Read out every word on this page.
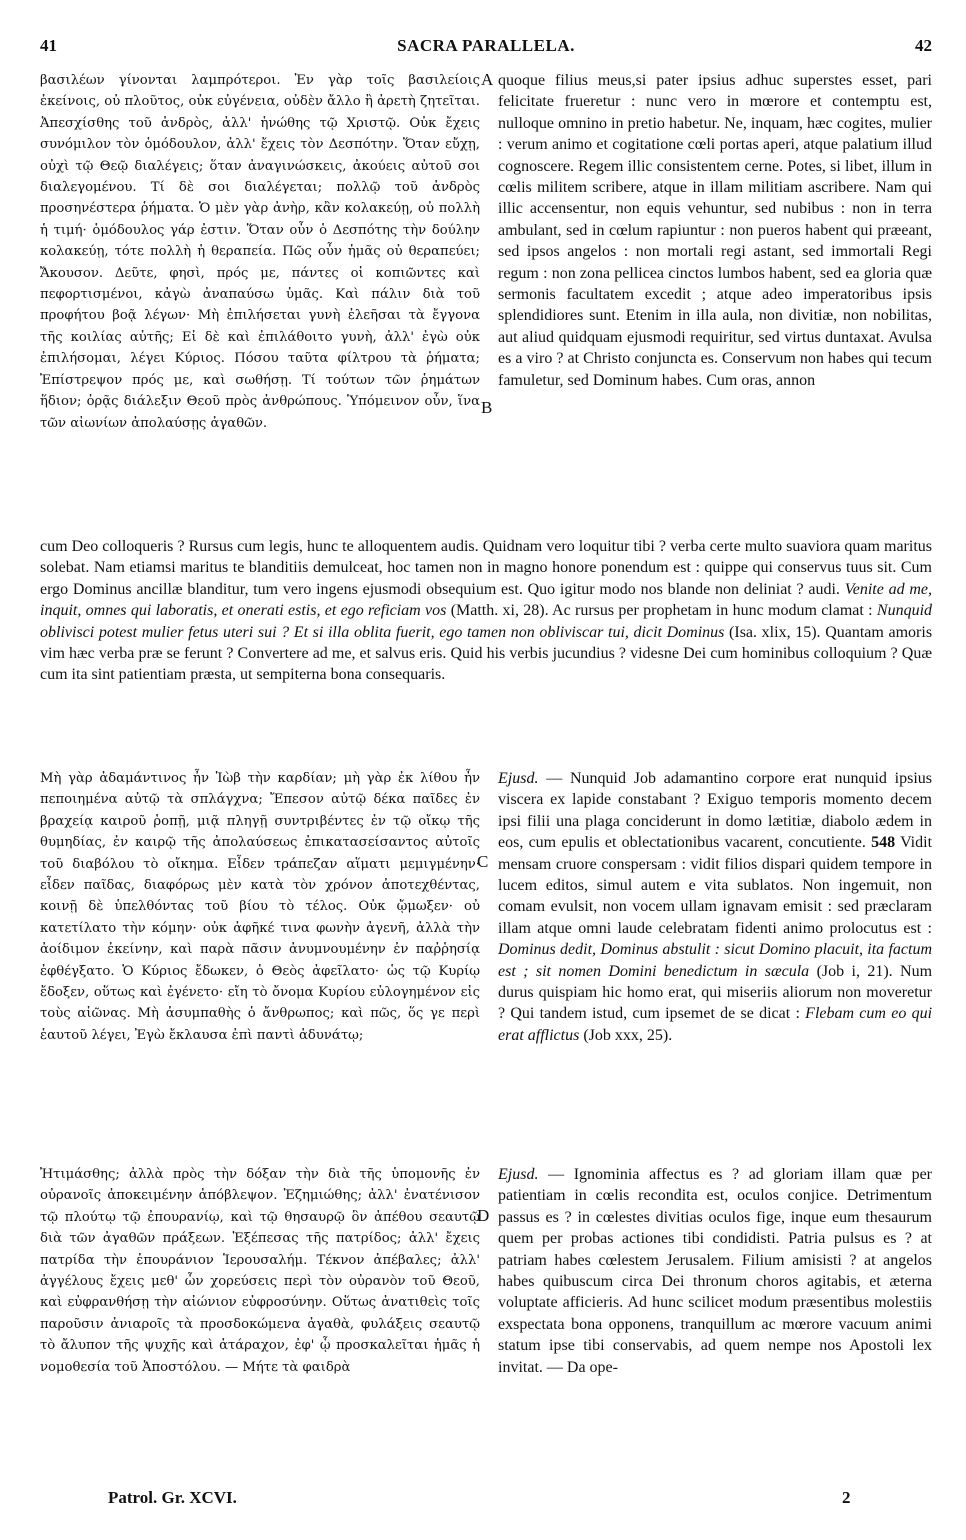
41	SACRA PARALLELA.	42
βασιλέων γίνονται λαμπρότεροι. Ἐν γὰρ τοῖς βασιλείοις ἐκείνοις, οὐ πλοῦτος, οὐκ εὐγένεια, οὐδὲν ἄλλο ἢ ἀρετὴ ζητεῖται. Ἀπεσχίσθης τοῦ ἀνδρὸς, ἀλλ' ἡνώθης τῷ Χριστῷ. Οὐκ ἔχεις συνόμιλον τὸν ὁμόδουλον, ἀλλ' ἔχεις τὸν Δεσπότην. Ὅταν εὔχῃ, οὐχὶ τῷ Θεῷ διαλέγεις; ὅταν ἀναγινώσκεις, ἀκούεις αὐτοῦ σοι διαλεγομένου. Τί δὲ σοι διαλέγεται; πολλῷ τοῦ ἀνδρὸς προσηνέστερα ῥήματα. Ὁ μὲν γὰρ ἀνὴρ, κἂν κολακεύῃ, οὐ πολλὴ ἡ τιμή· ὁμόδουλος γάρ ἐστιν. Ὅταν οὖν ὁ Δεσπότης τὴν δούλην κολακεύῃ, τότε πολλὴ ἡ θεραπεία. Πῶς οὖν ἡμᾶς οὐ θεραπεύει; Ἄκουσον. Δεῦτε, φησὶ, πρός με, πάντες οἱ κοπιῶντες καὶ πεφορτισμένοι, κἀγὼ ἀναπαύσω ὑμᾶς. Καὶ πάλιν διὰ τοῦ προφήτου βοᾷ λέγων· Μὴ ἐπιλήσεται γυνὴ ἐλεῆσαι τὰ ἔγγονα τῆς κοιλίας αὐτῆς; Εἰ δὲ καὶ ἐπιλάθοιτο γυνὴ, ἀλλ' ἐγὼ οὐκ ἐπιλήσομαι, λέγει Κύριος. Πόσου ταῦτα φίλτρου τὰ ῥήματα; Ἐπίστρεψον πρός με, καὶ σωθήσῃ. Τί τούτων τῶν ῥημάτων ἥδιον; ὁρᾷς διάλεξιν Θεοῦ πρὸς ἀνθρώπους. Ὑπόμεινον οὖν, ἵνα τῶν αἰωνίων ἀπολαύσῃς ἀγαθῶν.
quoque filius meus,si pater ipsius adhuc superstes esset, pari felicitate frueretur : nunc vero in mœrore et contemptu est, nulloque omnino in pretio habetur. Ne, inquam, hæc cogites, mulier : verum animo et cogitatione cœli portas aperi, atque palatium illud cognoscere. Regem illic consistentem cerne. Potes, si libet, illum in cœlis militem scribere, atque in illam militiam ascribere. Nam qui illic accensentur, non equis vehuntur, sed nubibus : non in terra ambulant, sed in cœlum rapiuntur : non pueros habent qui præeant, sed ipsos angelos : non mortali regi astant, sed immortali Regi regum : non zona pellicea cinctos lumbos habent, sed ea gloria quæ sermonis facultatem excedit ; atque adeo imperatoribus ipsis splendidiores sunt. Etenim in illa aula, non divitiæ, non nobilitas, aut aliud quidquam ejusmodi requiritur, sed virtus duntaxat. Avulsa es a viro ? at Christo conjuncta es. Conservum non habes qui tecum famuletur, sed Dominum habes. Cum oras, annon
A
B
cum Deo colloqueris ? Rursus cum legis, hunc te alloquentem audis. Quidnam vero loquitur tibi ? verba certe multo suaviora quam maritus solebat. Nam etiamsi maritus te blanditiis demulceat, hoc tamen non in magno honore ponendum est : quippe qui conservus tuus sit. Cum ergo Dominus ancillæ blanditur, tum vero ingens ejusmodi obsequium est. Quo igitur modo nos blande non deliniat ? audi. Venite ad me, inquit, omnes qui laboratis, et onerati estis, et ego reficiam vos (Matth. xi, 28). Ac rursus per prophetam in hunc modum clamat : Nunquid oblivisci potest mulier fetus uteri sui ? Et si illa oblita fuerit, ego tamen non obliviscar tui, dicit Dominus (Isa. xlix, 15). Quantam amoris vim hæc verba præ se ferunt ? Convertere ad me, et salvus eris. Quid his verbis jucundius ? videsne Dei cum hominibus colloquium ? Quæ cum ita sint patientiam præsta, ut sempiterna bona consequaris.
Μὴ γὰρ ἀδαμάντινος ἦν Ἰὼβ τὴν καρδίαν; μὴ γὰρ ἐκ λίθου ἦν πεποιημένα αὐτῷ τὰ σπλάγχνα; Ἔπεσον αὐτῷ δέκα παῖδες ἐν βραχείᾳ καιροῦ ῥοπῇ, μιᾷ πληγῇ συντριβέντες ἐν τῷ οἴκῳ τῆς θυμηδίας, ἐν καιρῷ τῆς ἀπολαύσεως ἐπικατασείσαντος αὐτοῖς τοῦ διαβόλου τὸ οἴκημα. Εἶδεν τράπεζαν αἵματι μεμιγμένην· εἶδεν παῖδας, διαφόρως μὲν κατὰ τὸν χρόνον ἀποτεχθέντας, κοινῇ δὲ ὑπελθόντας τοῦ βίου τὸ τέλος. Οὐκ ᾤμωξεν· οὐ κατετίλατο τὴν κόμην· οὐκ ἀφῆκέ τινα φωνὴν ἀγενῆ, ἀλλὰ τὴν ἀοίδιμον ἐκείνην, καὶ παρὰ πᾶσιν ἀνυμνουμένην ἐν παῤῥησίᾳ ἐφθέγξατο. Ὁ Κύριος ἔδωκεν, ὁ Θεὸς ἀφεῖλατο· ὡς τῷ Κυρίῳ ἔδοξεν, οὕτως καὶ ἐγένετο· εἴη τὸ ὄνομα Κυρίου εὐλογημένον εἰς τοὺς αἰῶνας. Μὴ ἀσυμπαθὴς ὁ ἄνθρωπος; καὶ πῶς, ὅς γε περὶ ἑαυτοῦ λέγει, Ἐγὼ ἔκλαυσα ἐπὶ παντὶ ἀδυνάτῳ;
Ejusd. — Nunquid Job adamantino corpore erat nunquid ipsius viscera ex lapide constabant ? Exiguo temporis momento decem ipsi filii una plaga conciderunt in domo lætitiæ, diabolo ædem in eos, cum epulis et oblectationibus vacarent, concutiente. 548 Vidit mensam cruore conspersam : vidit filios dispari quidem tempore in lucem editos, simul autem e vita sublatos. Non ingemuit, non comam evulsit, non vocem ullam ignavam emisit : sed præclaram illam atque omni laude celebratam fidenti animo prolocutus est : Dominus dedit, Dominus abstulit : sicut Domino placuit, ita factum est ; sit nomen Domini benedictum in sæcula (Job i, 21). Num durus quispiam hic homo erat, qui miseriis aliorum non moveretur ? Qui tandem istud, cum ipsemet de se dicat : Flebam cum eo qui erat afflictus (Job xxx, 25).
C
Ἠτιμάσθης; ἀλλὰ πρὸς τὴν δόξαν τὴν διὰ τῆς ὑπομονῆς ἐν οὐρανοῖς ἀποκειμένην ἀπόβλεψον. Ἐζημιώθης; ἀλλ' ἐνατένισον τῷ πλούτῳ τῷ ἐπουρανίῳ, καὶ τῷ θησαυρῷ ὃν ἀπέθου σεαυτῷ διὰ τῶν ἀγαθῶν πράξεων. Ἐξέπεσας τῆς πατρίδος; ἀλλ' ἔχεις πατρίδα τὴν ἐπουράνιον Ἱερουσαλήμ. Τέκνον ἀπέβαλες; ἀλλ' ἀγγέλους ἔχεις μεθ' ὧν χορεύσεις περὶ τὸν οὐρανὸν τοῦ Θεοῦ, καὶ εὐφρανθήσῃ τὴν αἰώνιον εὐφροσύνην. Οὕτως ἀνατιθεὶς τοῖς παροῦσιν ἀνιαροῖς τὰ προσδοκώμενα ἀγαθὰ, φυλάξεις σεαυτῷ τὸ ἄλυπον τῆς ψυχῆς καὶ ἀτάραχον, ἐφ' ᾧ προσκαλεῖται ἡμᾶς ἡ νομοθεσία τοῦ Ἀποστόλου. — Μήτε τὰ φαιδρὰ
Ejusd. — Ignominia affectus es ? ad gloriam illam quæ per patientiam in cœlis recondita est, oculos conjice. Detrimentum passus es ? in cœlestes divitias oculos fige, inque eum thesaurum quem per probas actiones tibi condidisti. Patria pulsus es ? at patriam habes cœlestem Jerusalem. Filium amisisti ? at angelos habes quibuscum circa Dei thronum choros agitabis, et æterna voluptate afficieris. Ad hunc scilicet modum præsentibus molestiis exspectata bona opponens, tranquillum ac mœrore vacuum animi statum ipse tibi conservabis, ad quem nempe nos Apostoli lex invitat. — Da ope-
D
Patrol. Gr. XCVI.	2
